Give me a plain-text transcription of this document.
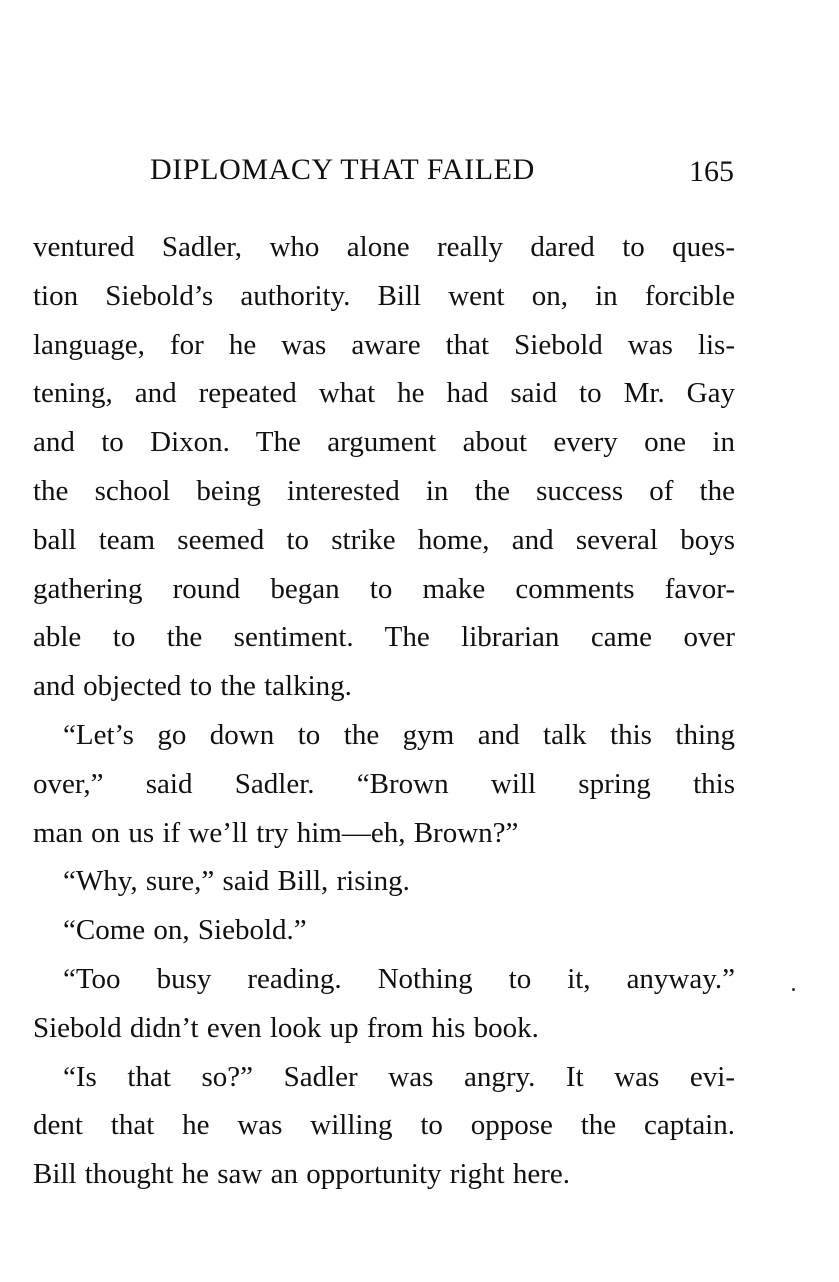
DIPLOMACY THAT FAILED	165

ventured Sadler, who alone really dared to ques-
tion Siebold’s authority. Bill went on, in forcible
language, for he was aware that Siebold was lis-
tening, and repeated what he had said to Mr. Gay
and to Dixon. The argument about every one in
the school being interested in the success of the
ball team seemed to strike home, and several boys
gathering round began to make comments favor-
able to the sentiment. The librarian came over
and objected to the talking.

“Let’s go down to the gym and talk this thing
over,” said Sadler. “Brown will spring this
man on us if we’ll try him—eh, Brown?”

“Why, sure,” said Bill, rising.

“Come on, Siebold.”

“Too busy reading. Nothing to it, anyway.”
Siebold didn’t even look up from his book.

“Is that so?” Sadler was angry. It was evi-
dent that he was willing to oppose the captain.
Bill thought he saw an opportunity right here.
